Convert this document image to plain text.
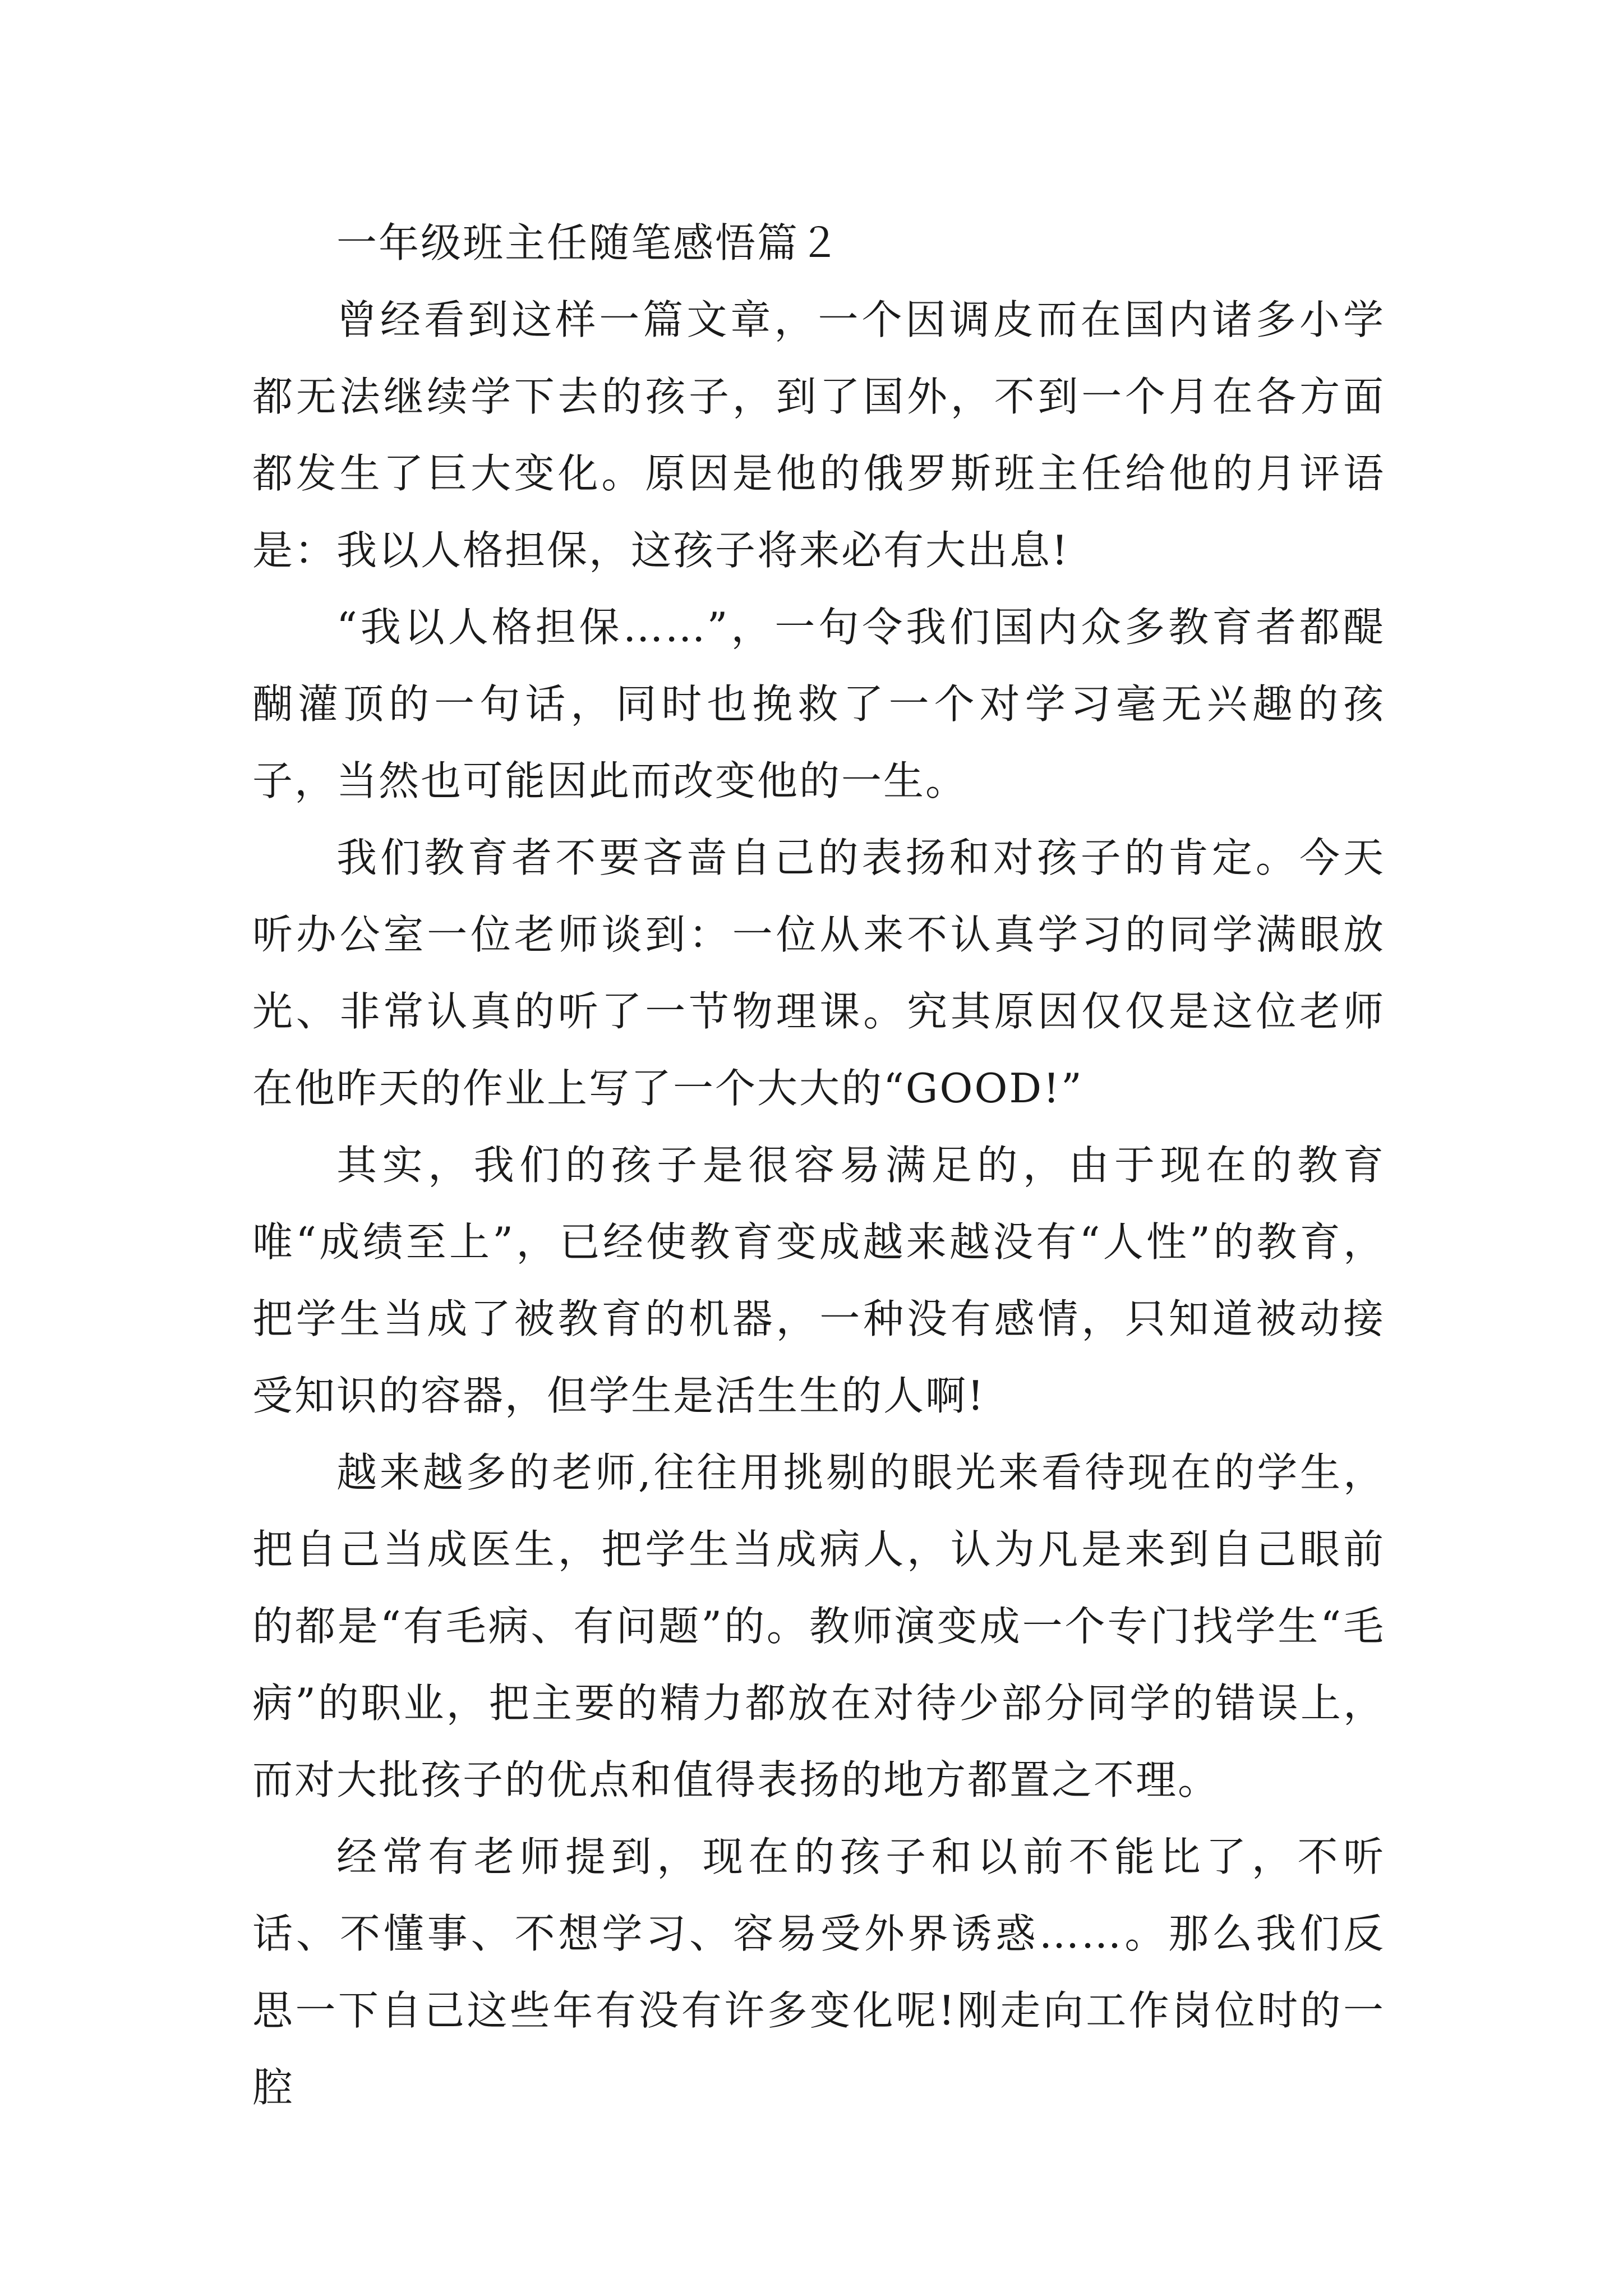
一年级班主任随笔感悟篇２

曾经看到这样一篇文章，一个因调皮而在国内诸多小学都无法继续学下去的孩子，到了国外，不到一个月在各方面都发生了巨大变化。原因是他的俄罗斯班主任给他的月评语是：我以人格担保，这孩子将来必有大出息!

“我以人格担保……”，一句令我们国内众多教育者都醍醐灌顶的一句话，同时也挽救了一个对学习毫无兴趣的孩子，当然也可能因此而改变他的一生。

我们教育者不要吝啬自己的表扬和对孩子的肯定。今天听办公室一位老师谈到：一位从来不认真学习的同学满眼放光、非常认真的听了一节物理课。究其原因仅仅是这位老师在他昨天的作业上写了一个大大的“GOOD!”

其实，我们的孩子是很容易满足的，由于现在的教育唯“成绩至上”，已经使教育变成越来越没有“人性”的教育，把学生当成了被教育的机器，一种没有感情，只知道被动接受知识的容器，但学生是活生生的人啊!

越来越多的老师,往往用挑剔的眼光来看待现在的学生，把自己当成医生，把学生当成病人，认为凡是来到自己眼前的都是“有毛病、有问题”的。教师演变成一个专门找学生“毛病”的职业，把主要的精力都放在对待少部分同学的错误上，而对大批孩子的优点和值得表扬的地方都置之不理。

经常有老师提到，现在的孩子和以前不能比了，不听话、不懂事、不想学习、容易受外界诱惑……。那么我们反思一下自己这些年有没有许多变化呢!刚走向工作岗位时的一腔
